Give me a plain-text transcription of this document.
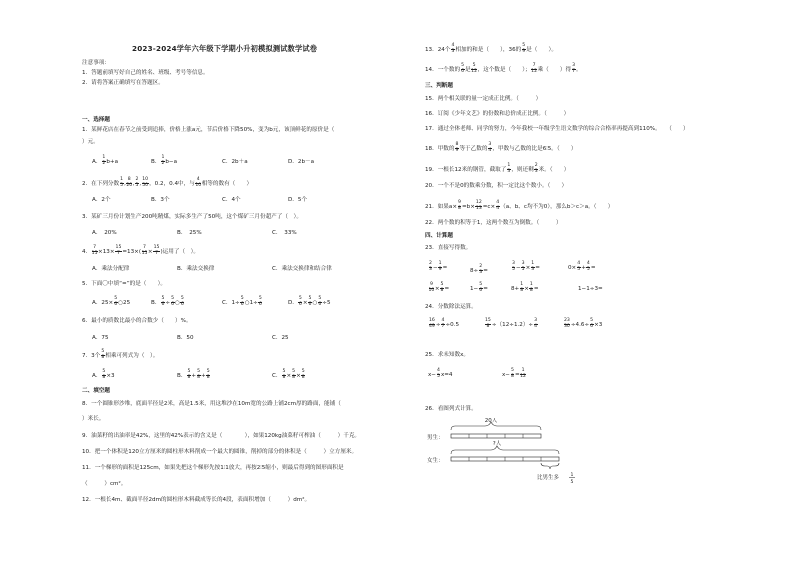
2023-2024学年六年级下学期小升初模拟测试数学试卷
注意事项：
1．答题前填写好自己的姓名、班级、考号等信息。
2．请将答案正确填写在答题区。
一、选择题
1．某鲜花店在春节之前受到追捧，价格上涨a元，节后价格下降50%，变为b元，该顶鲜花的原价是（
）元。
A． $\frac{1}{2} b+a$	B． $\frac{1}{2} b-a$	C．2b＋a	D．2b－a
2．在下列分数 $\frac{1}{5}$ , $\frac{8}{20}$ , $\frac{2}{5}$ , $\frac{10}{50}$ ，0.2，0.4中，与 $\frac{4}{10}$ 相等的数有（　　）
A．2个	B．3个	C．4个	D．5个
3．某矿三月份计划生产200吨精煤，实际多生产了50吨，这个煤矿三月份超产了（　）。
A．　20%	B．　25%	C．　33%
4． $\frac{7}{15} \times 13\times \frac{15}{7} =13\times( \frac{7}{15} \times \frac{15}{7}$ )运用了（　）。
A．乘法分配律	B．乘法交换律	C．乘法交换律和结合律
5．下面〇中填“=”的是（　　）。
A．$25\times \frac{5}{6}$ ○25	B． $\frac{5}{6} \div \frac{5}{6}$ ○ $\frac{5}{6}$	C．$1\div \frac{5}{6}$ ○1÷ $\frac{5}{6}$	D． $\frac{5}{6} \times \frac{5}{6}$ ○ $\frac{5}{6} \div 5$
6．最小的质数比最小的合数少（　　）%。
A．75	B．50	C．25
7．3个 $\frac{5}{8}$ 相乘可列式为（　）。
A． $\frac{5}{8} \times 3$	B． $\frac{5}{8} + \frac{5}{8} + \frac{5}{8}$	C． $\frac{5}{8} \times \frac{5}{8} \times \frac{5}{8}$
二、填空题
8．一个圆锥形沙堆，底面半径是2米，高是1.5米，用这堆沙在10m宽的公路上铺2cm厚的路面，能铺（
）米长。
9．油菜籽的出油率是42%，这里的42%表示的含义是（　　　　），如果120kg油菜籽可榨油（　　　）千克。
10．把一个体积是120立方厘米的圆柱形木料削成一个最大的圆锥，削掉的部分的体积是（　　　）立方厘米。
11．一个梯形的面积是125cm，如果先把这个梯形先按1∶1放大，再按2∶5缩小，则最后得到的图形面积是
（　　　）cm²。
12．一根长4m、截面半径2dm的圆柱形木料截成等长的4段，表面积增加（　　　）dm²。
13．24个 $\frac{4}{3}$ 相加的和是（　　），36的 $\frac{5}{9}$ 是（　　）。
14．一个数的 $\frac{5}{6}$ 是 $\frac{5}{12}$ ，这个数是（　　）； $\frac{7}{12}$ 乘（　　）得 $\frac{3}{7}$ 。
三、判断题
15．两个相关联的量一定成正比例。（　　　）
16．订阅《少年文艺》的份数和总价成正比例。（　　　）
17．通过全体老师、同学的努力，今年我校一年级学生语文数学的综合合格率再提高到110%。　　（　　）
18．甲数的 $\frac{8}{9}$ 等于乙数的 $\frac{3}{4}$ ，甲数与乙数的比是6∶5。（　　）
19．一根长12米的钢管，截取了 $\frac{1}{3}$ ，则还剩 $\frac{2}{3}$ 米。（　　）
20．一个不是0的数乘分数，积一定比这个数小。（　　）
21．如果$a\times \frac{9}{8} =b\times \frac{12}{13} =c\times \frac{4}{4} (a$、b、c均不为0），那么b＞c＞a。（　　）
22．两个数的积等于1，这两个数互为倒数。（　　　）
四、计算题
23．直接写得数。
$\frac{2}{3} - \frac{1}{9}$ =	$8\div \frac{2}{3}$ =	$\frac{3}{5} - \frac{3}{5} \times \frac{1}{3}$ =	$0\times \frac{4}{5} + \frac{4}{5}$ =
$\frac{9}{10} \times \frac{5}{8}$ =	$1- \frac{5}{6}$ =	$8+ \frac{1}{8} \times \frac{1}{8}$ =	1−1÷3=
24．分数除法运算。
$\frac{16}{49} \div \frac{4}{7} \div 0.5$	$\frac{15}{8} \div(12\div 1.2)\div \frac{3}{4}$	$\frac{23}{30} \div 4.6\div \frac{5}{6} \times 3$
25．求未知数x。
$x- \frac{4}{5} x=4$	$x- \frac{5}{8} = \frac{1}{12}$
26．看图列式计算。
20人
男生：
?人
女生：
比男生多	1
5
